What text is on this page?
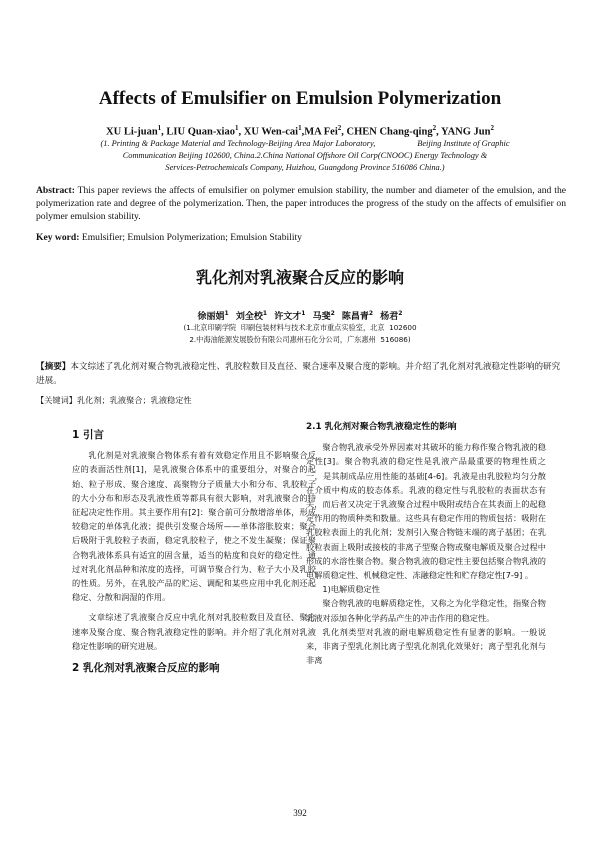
Affects of Emulsifier on Emulsion Polymerization

XU Li-juan$^1$, LIU Quan-xiao$^1$, XU Wen-cai$^1$,MA Fei$^2$, CHEN Chang-qing$^2$, YANG Jun$^2$

(1. Printing & Package Material and Technology-Beijing Area Major Laboratory,                    Beijing Institute of Graphic
Communication Beijing 102600, China.2.China National Offshore Oil Corp(CNOOC) Energy Technology &
Services-Petrochemicals Company, Huizhou, Guangdong Province 516086 China.)

Abstract: This paper reviews the affects of emulsifier on polymer emulsion stability, the number and diameter of the emulsion, and the polymerization rate and degree of the polymerization. Then, the paper introduces the progress of the study on the affects of emulsifier on polymer emulsion stability.

Key word: Emulsifier; Emulsion Polymerization; Emulsion Stability

乳化剂对乳液聚合反应的影响

徐丽娟$^1$ 刘全校$^1$ 许文才$^1$ 马斐$^2$ 陈昌青$^2$ 杨君$^2$

(1.北京印刷学院  印刷包装材料与技术北京市重点实验室，北京  102600
2.中海油能源发展股份有限公司惠州石化分公司，广东惠州  516086)

【摘要】本文综述了乳化剂对聚合物乳液稳定性、乳胶粒数目及直径、聚合速率及聚合度的影响。并介绍了乳化剂对乳液稳定性影响的研究进展。

【关键词】乳化剂；乳液聚合；乳液稳定性

1 引言

乳化剂是对乳液聚合物体系有着有效稳定作用且不影响聚合反应的表面活性剂[1]，是乳液聚合体系中的重要组分，对聚合的起始、粒子形成、聚合速度、高聚物分子质量大小和分布、乳胶粒子的大小分布和形态及乳液性质等都具有很大影响，对乳液聚合的特征起决定性作用。其主要作用有[2]：聚合前可分散增溶单体，形成较稳定的单体乳化液；提供引发聚合场所——单体溶胀胶束；聚合后吸附于乳胶粒子表面，稳定乳胶粒子，使之不发生凝聚；保证聚合物乳液体系具有适宜的固含量，适当的粘度和良好的稳定性。通过对乳化剂品种和浓度的选择，可调节聚合行为、粒子大小及乳胶的性质。另外，在乳胶产品的贮运、调配和某些应用中乳化剂还起稳定、分散和润湿的作用。

文章综述了乳液聚合反应中乳化剂对乳胶粒数目及直径、聚合速率及聚合度、聚合物乳液稳定性的影响。并介绍了乳化剂对乳液稳定性影响的研究进展。

2 乳化剂对乳液聚合反应的影响
2.1 乳化剂对聚合物乳液稳定性的影响

聚合物乳液承受外界因素对其破坏的能力称作聚合物乳液的稳定性[3]。聚合物乳液的稳定性是乳液产品最重要的物理性质之一，是其制成品应用性能的基础[4-6]。乳液是由乳胶粒均匀分散在介质中构成的胶态体系。乳液的稳定性与乳胶粒的表面状态有关，而后者又决定于乳液聚合过程中吸附或结合在其表面上的起稳定作用的物质种类和数量。这些具有稳定作用的物质包括：吸附在乳胶粒表面上的乳化剂；发剂引入聚合物链末端的离子基团；在乳胶粒表面上吸附或接枝的非离子型聚合物或聚电解质及聚合过程中形成的水溶性聚合物。聚合物乳液的稳定性主要包括聚合物乳液的电解质稳定性、机械稳定性、冻融稳定性和贮存稳定性[7-9] 。

1)电解质稳定性

聚合物乳液的电解质稳定性，又称之为化学稳定性，指聚合物乳液对添加各种化学药品产生的冲击作用的稳定性。

乳化剂类型对乳液的耐电解质稳定性有显著的影响。一般说来，非离子型乳化剂比离子型乳化剂乳化效果好；离子型乳化剂与非离

392
